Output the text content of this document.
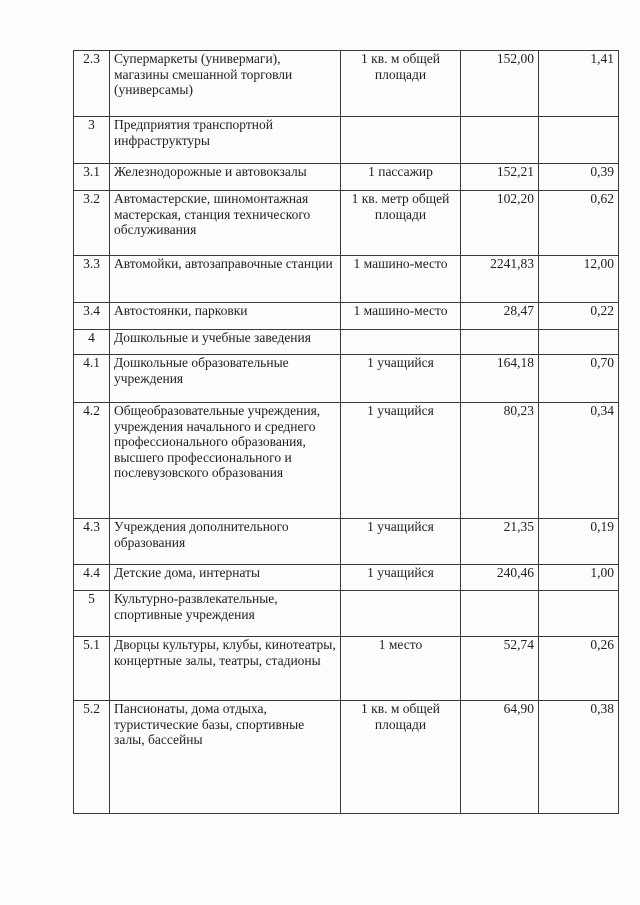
2.3	Супермаркеты (универмаги), магазины смешанной торговли (универсамы)	1 кв. м общей площади	152,00	1,41
3	Предприятия транспортной инфраструктуры			
3.1	Железнодорожные и автовокзалы	1 пассажир	152,21	0,39
3.2	Автомастерские, шиномонтажная мастерская, станция технического обслуживания	1 кв. метр общей площади	102,20	0,62
3.3	Автомойки, автозаправочные станции	1 машино-место	2241,83	12,00
3.4	Автостоянки, парковки	1 машино-место	28,47	0,22
4	Дошкольные и учебные заведения			
4.1	Дошкольные образовательные учреждения	1 учащийся	164,18	0,70
4.2	Общеобразовательные учреждения, учреждения начального и среднего профессионального образования, высшего профессионального и послевузовского образования	1 учащийся	80,23	0,34
4.3	Учреждения дополнительного образования	1 учащийся	21,35	0,19
4.4	Детские дома, интернаты	1 учащийся	240,46	1,00
5	Культурно-развлекательные, спортивные учреждения			
5.1	Дворцы культуры, клубы, кинотеатры, концертные залы, театры, стадионы	1 место	52,74	0,26
5.2	Пансионаты, дома отдыха, туристические базы, спортивные залы, бассейны	1 кв. м общей площади	64,90	0,38
